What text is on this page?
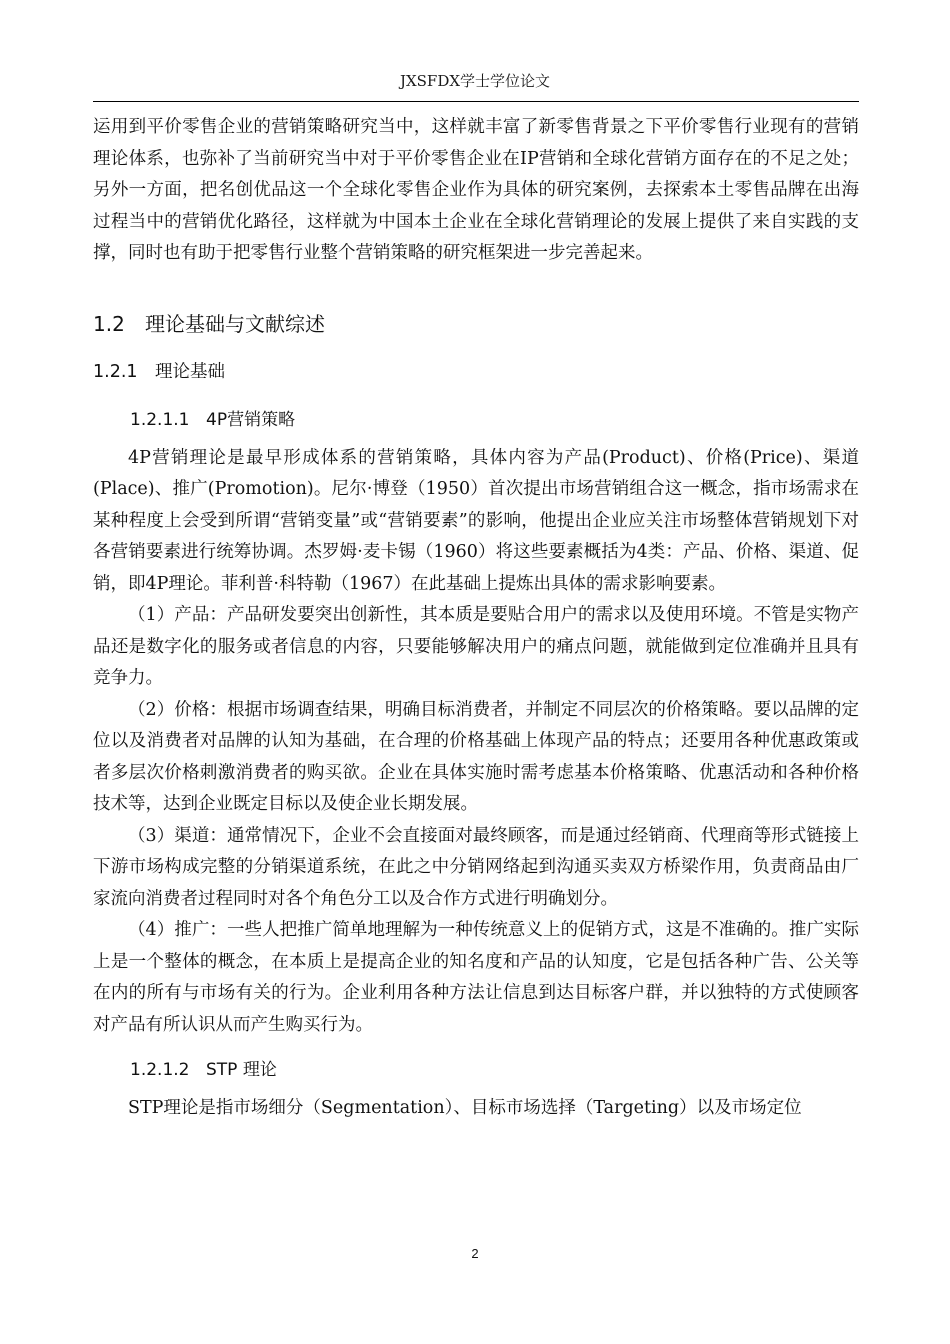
JXSFDX学士学位论文

运用到平价零售企业的营销策略研究当中，这样就丰富了新零售背景之下平价零售行业现有的营销理论体系，也弥补了当前研究当中对于平价零售企业在IP营销和全球化营销方面存在的不足之处；另外一方面，把名创优品这一个全球化零售企业作为具体的研究案例，去探索本土零售品牌在出海过程当中的营销优化路径，这样就为中国本土企业在全球化营销理论的发展上提供了来自实践的支撑，同时也有助于把零售行业整个营销策略的研究框架进一步完善起来。

1.2 理论基础与文献综述
1.2.1 理论基础
1.2.1.1 4P营销策略

4P营销理论是最早形成体系的营销策略，具体内容为产品(Product)、价格(Price)、渠道(Place)、推广(Promotion)。尼尔·博登（1950）首次提出市场营销组合这一概念，指市场需求在某种程度上会受到所谓“营销变量”或“营销要素”的影响，他提出企业应关注市场整体营销规划下对各营销要素进行统筹协调。杰罗姆·麦卡锡（1960）将这些要素概括为4类：产品、价格、渠道、促销，即4P理论。菲利普·科特勒（1967）在此基础上提炼出具体的需求影响要素。

（1）产品：产品研发要突出创新性，其本质是要贴合用户的需求以及使用环境。不管是实物产品还是数字化的服务或者信息的内容，只要能够解决用户的痛点问题，就能做到定位准确并且具有竞争力。

（2）价格：根据市场调查结果，明确目标消费者，并制定不同层次的价格策略。要以品牌的定位以及消费者对品牌的认知为基础，在合理的价格基础上体现产品的特点；还要用各种优惠政策或者多层次价格刺激消费者的购买欲。企业在具体实施时需考虑基本价格策略、优惠活动和各种价格技术等，达到企业既定目标以及使企业长期发展。

（3）渠道：通常情况下，企业不会直接面对最终顾客，而是通过经销商、代理商等形式链接上下游市场构成完整的分销渠道系统，在此之中分销网络起到沟通买卖双方桥梁作用，负责商品由厂家流向消费者过程同时对各个角色分工以及合作方式进行明确划分。

（4）推广：一些人把推广简单地理解为一种传统意义上的促销方式，这是不准确的。推广实际上是一个整体的概念，在本质上是提高企业的知名度和产品的认知度，它是包括各种广告、公关等在内的所有与市场有关的行为。企业利用各种方法让信息到达目标客户群，并以独特的方式使顾客对产品有所认识从而产生购买行为。

1.2.1.2 STP 理论

STP理论是指市场细分（Segmentation）、目标市场选择（Targeting）以及市场定位

2
